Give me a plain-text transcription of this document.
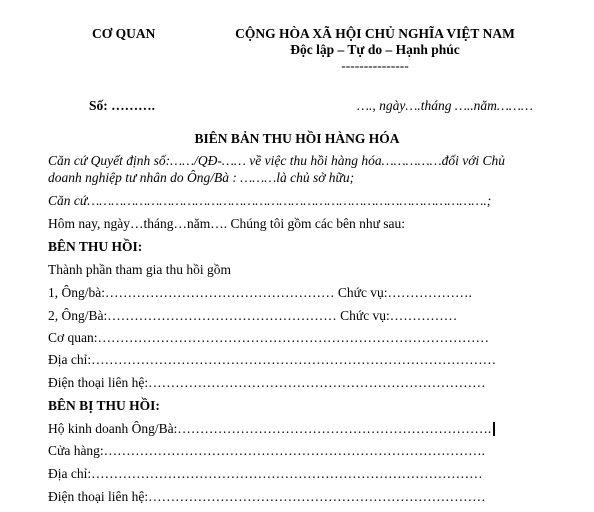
CƠ QUAN	CỘNG HÒA XÃ HỘI CHỦ NGHĨA VIỆT NAM
Độc lập – Tự do – Hạnh phúc
---------------
Số: ……….	…., ngày….tháng …..năm………
BIÊN BẢN THU HỒI HÀNG HÓA
Căn cứ Quyết định số:……/QĐ-…… về việc thu hồi hàng hóa……………đối với Chủ
doanh nghiệp tư nhân do Ông/Bà : ………là chủ sở hữu;
Căn cứ……………………………………………………………………………………….;
Hôm nay, ngày…tháng…năm…. Chúng tôi gồm các bên như sau:
BÊN THU HỒI:
Thành phần tham gia thu hồi gồm
1, Ông/bà:…………………………………………… Chức vụ:……………….
2, Ông/Bà:…………………………………………… Chức vụ:……………
Cơ quan:……………………………………………………………………………
Địa chỉ:………………………………………………………………………………
Điện thoại liên hệ:…………………………………………………………………
BÊN BỊ THU HỒI:
Hộ kinh doanh Ông/Bà:…………………………………………………………….
Cửa hàng:………………………………………………………………………….
Địa chỉ:……………………………………………………………………………
Điện thoại liên hệ:…………………………………………………………………
